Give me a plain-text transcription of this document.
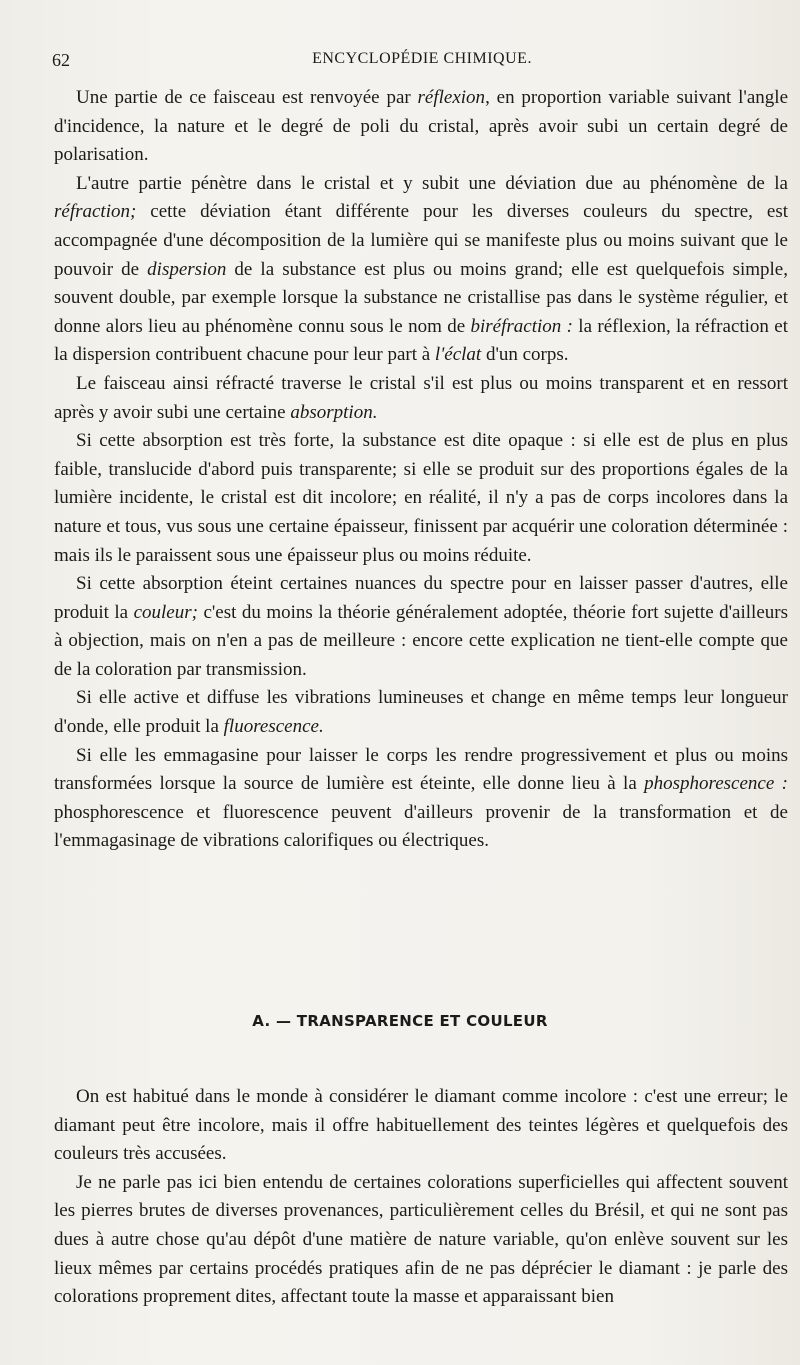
62	ENCYCLOPÉDIE CHIMIQUE.

Une partie de ce faisceau est renvoyée par réflexion, en proportion variable suivant l'angle d'incidence, la nature et le degré de poli du cristal, après avoir subi un certain degré de polarisation.

L'autre partie pénètre dans le cristal et y subit une déviation due au phénomène de la réfraction; cette déviation étant différente pour les diverses couleurs du spectre, est accompagnée d'une décomposition de la lumière qui se manifeste plus ou moins suivant que le pouvoir de dispersion de la substance est plus ou moins grand; elle est quelquefois simple, souvent double, par exemple lorsque la substance ne cristallise pas dans le système régulier, et donne alors lieu au phénomène connu sous le nom de biréfraction : la réflexion, la réfraction et la dispersion contribuent chacune pour leur part à l'éclat d'un corps.

Le faisceau ainsi réfracté traverse le cristal s'il est plus ou moins transparent et en ressort après y avoir subi une certaine absorption.

Si cette absorption est très forte, la substance est dite opaque : si elle est de plus en plus faible, translucide d'abord puis transparente; si elle se produit sur des proportions égales de la lumière incidente, le cristal est dit incolore; en réalité, il n'y a pas de corps incolores dans la nature et tous, vus sous une certaine épaisseur, finissent par acquérir une coloration déterminée : mais ils le paraissent sous une épaisseur plus ou moins réduite.

Si cette absorption éteint certaines nuances du spectre pour en laisser passer d'autres, elle produit la couleur; c'est du moins la théorie généralement adoptée, théorie fort sujette d'ailleurs à objection, mais on n'en a pas de meilleure : encore cette explication ne tient-elle compte que de la coloration par transmission.

Si elle active et diffuse les vibrations lumineuses et change en même temps leur longueur d'onde, elle produit la fluorescence.

Si elle les emmagasine pour laisser le corps les rendre progressivement et plus ou moins transformées lorsque la source de lumière est éteinte, elle donne lieu à la phosphorescence : phosphorescence et fluorescence peuvent d'ailleurs provenir de la transformation et de l'emmagasinage de vibrations calorifiques ou électriques.

A. — TRANSPARENCE ET COULEUR

On est habitué dans le monde à considérer le diamant comme incolore : c'est une erreur; le diamant peut être incolore, mais il offre habituellement des teintes légères et quelquefois des couleurs très accusées.

Je ne parle pas ici bien entendu de certaines colorations superficielles qui affectent souvent les pierres brutes de diverses provenances, particulièrement celles du Brésil, et qui ne sont pas dues à autre chose qu'au dépôt d'une matière de nature variable, qu'on enlève souvent sur les lieux mêmes par certains procédés pratiques afin de ne pas déprécier le diamant : je parle des colorations proprement dites, affectant toute la masse et apparaissant bien
